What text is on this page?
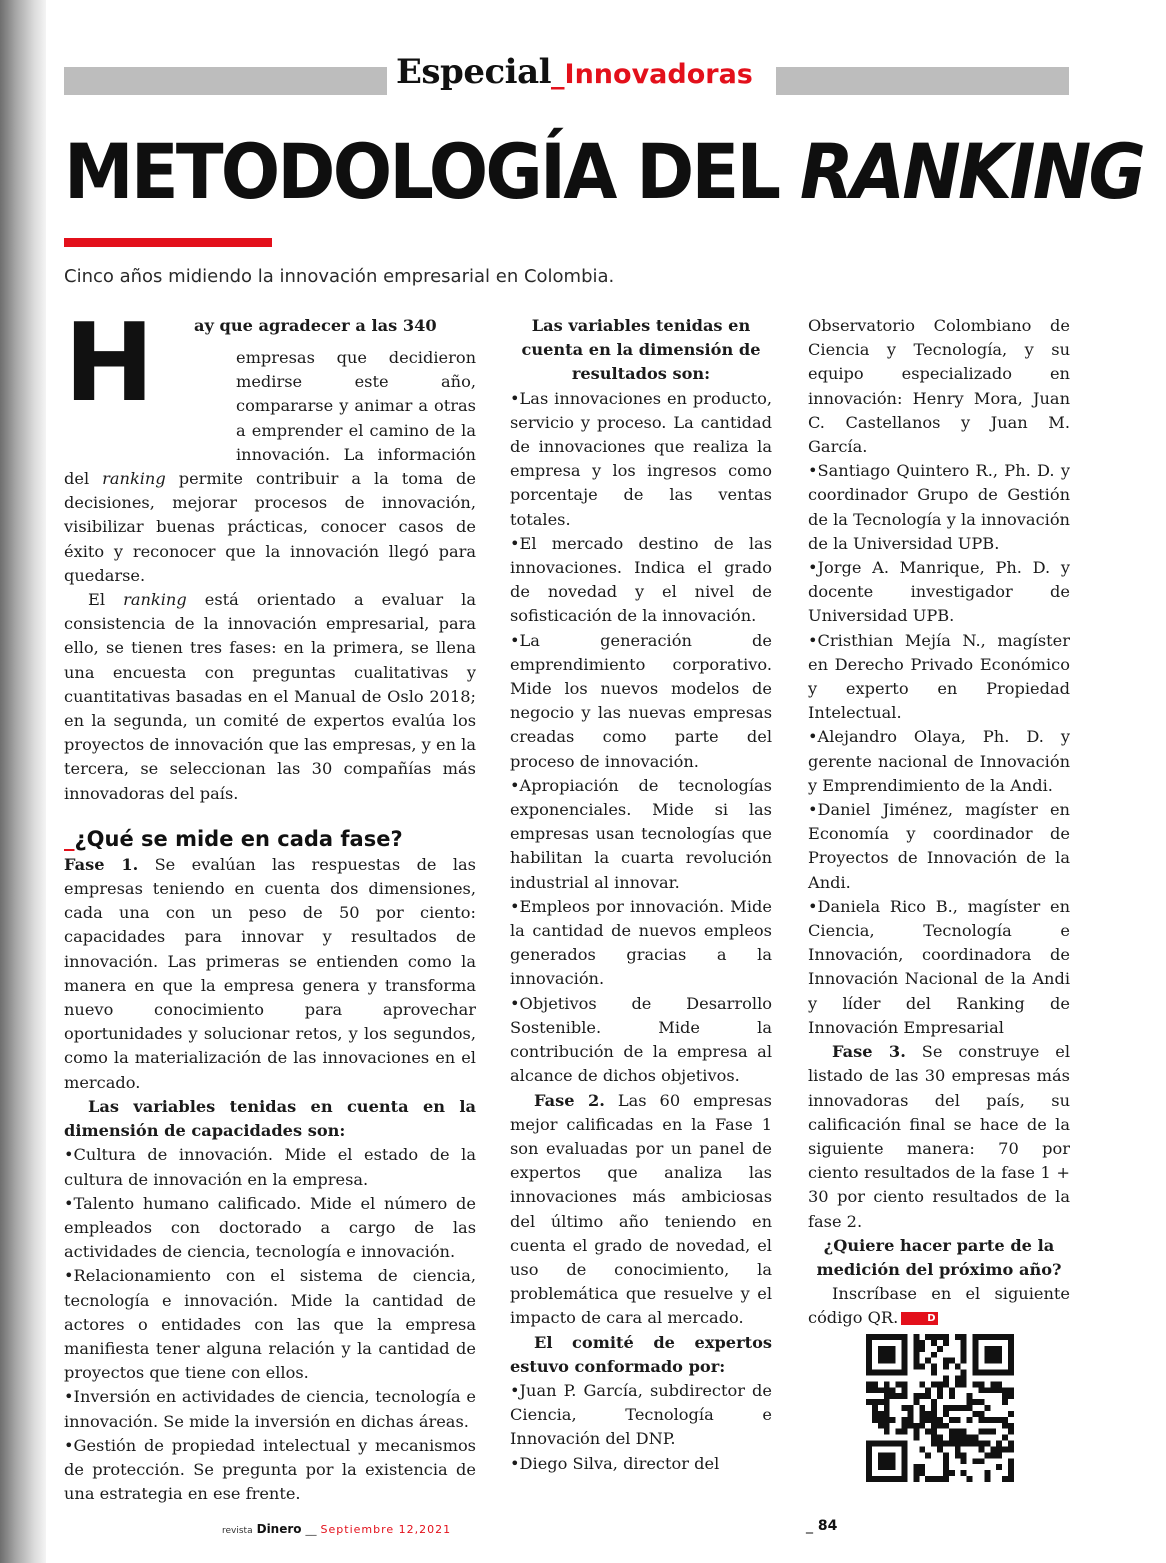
Especial _ Innovadoras
METODOLOGÍA DEL RANKING
Cinco años midiendo la innovación empresarial en Colombia.
H	ay que agradecer a las 340

empresas que decidieron medirse este año, compararse y animar a otras a emprender el camino de la innovación. La información del ranking permite contribuir a la toma de decisiones, mejorar procesos de innovación, visibilizar buenas prácticas, conocer casos de éxito y reconocer que la innovación llegó para quedarse.

El ranking está orientado a evaluar la consistencia de la innovación empresarial, para ello, se tienen tres fases: en la primera, se llena una encuesta con preguntas cualitativas y cuantitativas basadas en el Manual de Oslo 2018; en la segunda, un comité de expertos evalúa los proyectos de innovación que las empresas, y en la tercera, se seleccionan las 30 compañías más innovadoras del país.

_¿Qué se mide en cada fase?

Fase 1. Se evalúan las respuestas de las empresas teniendo en cuenta dos dimensiones, cada una con un peso de 50 por ciento: capacidades para innovar y resultados de innovación. Las primeras se entienden como la manera en que la empresa genera y transforma nuevo conocimiento para aprovechar oportunidades y solucionar retos, y los segundos, como la materialización de las innovaciones en el mercado.

Las variables tenidas en cuenta en la dimensión de capacidades son:

•Cultura de innovación. Mide el estado de la cultura de innovación en la empresa.

•Talento humano calificado. Mide el número de empleados con doctorado a cargo de las actividades de ciencia, tecnología e innovación.

•Relacionamiento con el sistema de ciencia, tecnología e innovación. Mide la cantidad de actores o entidades con las que la empresa manifiesta tener alguna relación y la cantidad de proyectos que tiene con ellos.

•Inversión en actividades de ciencia, tecnología e innovación. Se mide la inversión en dichas áreas.

•Gestión de propiedad intelectual y mecanismos de protección. Se pregunta por la existencia de una estrategia en ese frente.

Las variables tenidas en cuenta en la dimensión de resultados son:

•Las innovaciones en producto, servicio y proceso. La cantidad de innovaciones que realiza la empresa y los ingresos como porcentaje de las ventas totales.

•El mercado destino de las innovaciones. Indica el grado de novedad y el nivel de sofisticación de la innovación.

•La generación de emprendimiento corporativo. Mide los nuevos modelos de negocio y las nuevas empresas creadas como parte del proceso de innovación.

•Apropiación de tecnologías exponenciales. Mide si las empresas usan tecnologías que habilitan la cuarta revolución industrial al innovar.

•Empleos por innovación. Mide la cantidad de nuevos empleos generados gracias a la innovación.

•Objetivos de Desarrollo Sostenible. Mide la contribución de la empresa al alcance de dichos objetivos.

Fase 2. Las 60 empresas mejor calificadas en la Fase 1 son evaluadas por un panel de expertos que analiza las innovaciones más ambiciosas del último año teniendo en cuenta el grado de novedad, el uso de conocimiento, la problemática que resuelve y el impacto de cara al mercado.

El comité de expertos estuvo conformado por:

•Juan P. García, subdirector de Ciencia, Tecnología e Innovación del DNP.

•Diego Silva, director del

Observatorio Colombiano de Ciencia y Tecnología, y su equipo especializado en innovación: Henry Mora, Juan C. Castellanos y Juan M. García.

•Santiago Quintero R., Ph. D. y coordinador Grupo de Gestión de la Tecnología y la innovación de la Universidad UPB.

•Jorge A. Manrique, Ph. D. y docente investigador de Universidad UPB.

•Cristhian Mejía N., magíster en Derecho Privado Económico y experto en Propiedad Intelectual.

•Alejandro Olaya, Ph. D. y gerente nacional de Innovación y Emprendimiento de la Andi.

•Daniel Jiménez, magíster en Economía y coordinador de Proyectos de Innovación de la Andi.

•Daniela Rico B., magíster en Ciencia, Tecnología e Innovación, coordinadora de Innovación Nacional de la Andi y líder del Ranking de Innovación Empresarial

Fase 3. Se construye el listado de las 30 empresas más innovadoras del país, su calificación final se hace de la siguiente manera: 70 por ciento resultados de la fase 1 + 30 por ciento resultados de la fase 2.

¿Quiere hacer parte de la medición del próximo año?

Inscríbase en el siguiente código QR.	D

revista Dinero __ Septiembre 12,2021	_ 84
